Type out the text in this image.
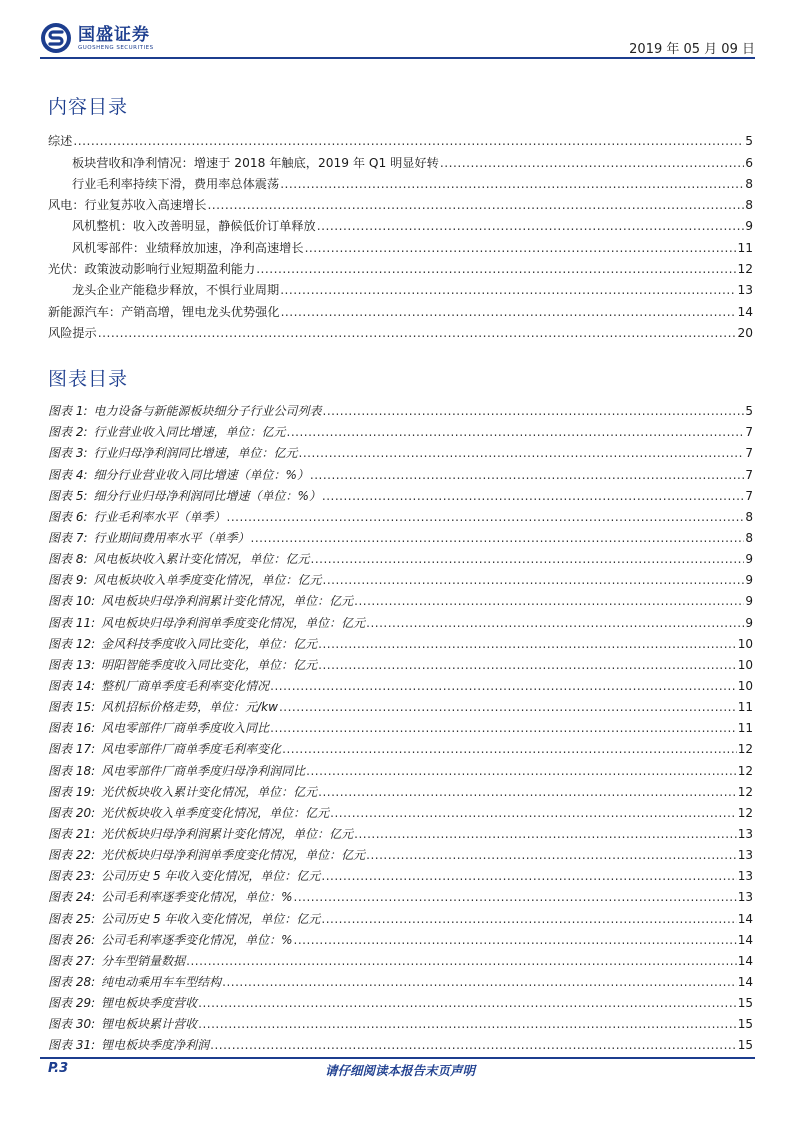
国盛证券
GUOSHENG SECURITIES	2019 年 05 月 09 日
内容目录
综述 .....	5
板块营收和净利情况：增速于 2018 年触底，2019 年 Q1 明显好转 .....	6
行业毛利率持续下滑，费用率总体震荡 .....	8
风电：行业复苏收入高速增长 .....	8
风机整机：收入改善明显，静候低价订单释放 .....	9
风机零部件：业绩释放加速，净利高速增长 .....	11
光伏：政策波动影响行业短期盈利能力 .....	12
龙头企业产能稳步释放，不惧行业周期 .....	13
新能源汽车：产销高增，锂电龙头优势强化 .....	14
风险提示 .....	20
图表目录
图表 1: 电力设备与新能源板块细分子行业公司列表 .....	5
图表 2: 行业营业收入同比增速，单位：亿元 .....	7
图表 3: 行业归母净利润同比增速，单位：亿元 .....	7
图表 4: 细分行业营业收入同比增速（单位：%） .....	7
图表 5: 细分行业归母净利润同比增速（单位：%） .....	7
图表 6: 行业毛利率水平（单季） .....	8
图表 7: 行业期间费用率水平（单季） .....	8
图表 8: 风电板块收入累计变化情况，单位：亿元 .....	9
图表 9: 风电板块收入单季度变化情况，单位：亿元 .....	9
图表 10: 风电板块归母净利润累计变化情况，单位：亿元 .....	9
图表 11: 风电板块归母净利润单季度变化情况，单位：亿元 .....	9
图表 12: 金风科技季度收入同比变化，单位：亿元 .....	10
图表 13: 明阳智能季度收入同比变化，单位：亿元 .....	10
图表 14: 整机厂商单季度毛利率变化情况 .....	10
图表 15: 风机招标价格走势，单位：元/kw .....	11
图表 16: 风电零部件厂商单季度收入同比 .....	11
图表 17: 风电零部件厂商单季度毛利率变化 .....	12
图表 18: 风电零部件厂商单季度归母净利润同比 .....	12
图表 19: 光伏板块收入累计变化情况，单位：亿元 .....	12
图表 20: 光伏板块收入单季度变化情况，单位：亿元 .....	12
图表 21: 光伏板块归母净利润累计变化情况，单位：亿元 .....	13
图表 22: 光伏板块归母净利润单季度变化情况，单位：亿元 .....	13
图表 23: 公司历史 5 年收入变化情况，单位：亿元 .....	13
图表 24: 公司毛利率逐季变化情况，单位：% .....	13
图表 25: 公司历史 5 年收入变化情况，单位：亿元 .....	14
图表 26: 公司毛利率逐季变化情况，单位：% .....	14
图表 27: 分车型销量数据 .....	14
图表 28: 纯电动乘用车车型结构 .....	14
图表 29: 锂电板块季度营收 .....	15
图表 30: 锂电板块累计营收 .....	15
图表 31: 锂电板块季度净利润 .....	15
P.3	请仔细阅读本报告末页声明
